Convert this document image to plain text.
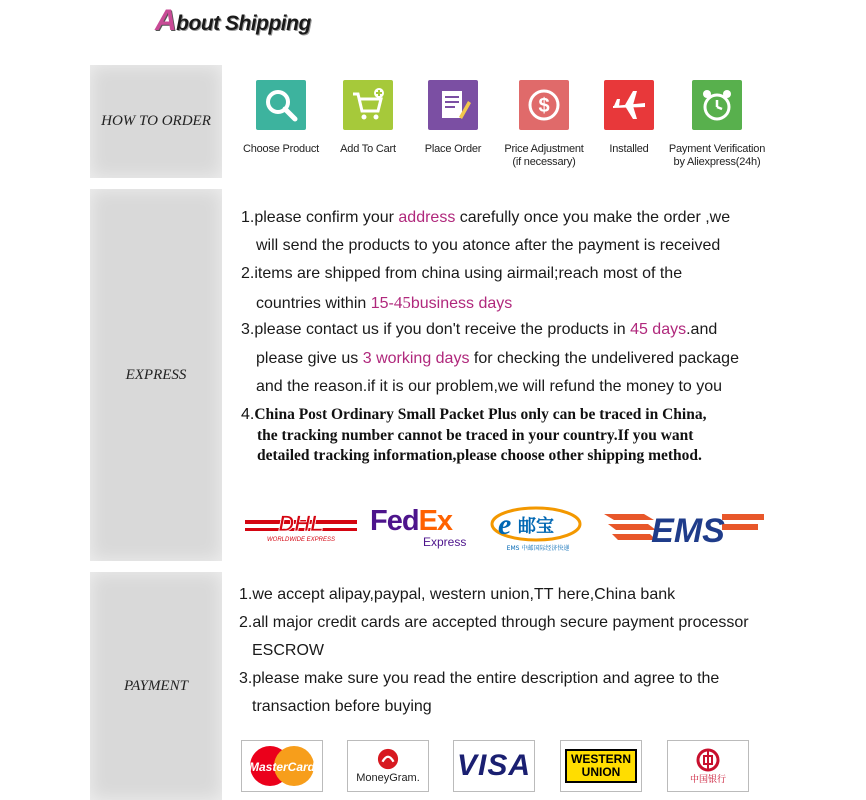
About Shipping
HOW TO ORDER
EXPRESS
PAYMENT
Choose Product	Add To Cart	Place Order
$
Price Adjustment
(if necessary)
Installed	Payment Verification
by Aliexpress(24h)
1.please confirm your address carefully once you make the order ,we
will send the products to you atonce after the payment is received
2.items are shipped from china using airmail;reach most of the
countries within 15-45business days
3.please contact us if you don't receive the products in 45 days.and
please give us 3 working days for checking the undelivered package
and the reason.if it is our problem,we will refund the money to you
4.China Post Ordinary Small Packet Plus only can be traced in China,
the tracking number cannot be traced in your country.If you want
detailed tracking information,please choose other shipping method.
DHL
WORLDWIDE EXPRESS
FedEx
Express
e 邮宝
EMS 中邮国际经济快递 EMS
1.we accept alipay,paypal, western union,TT here,China bank
2.all major credit cards are accepted through secure payment processor
ESCROW
3.please make sure you read the entire description and agree to the
transaction before buying
MasterCard
MoneyGram. VISA	WESTERN
UNION
中国银行
